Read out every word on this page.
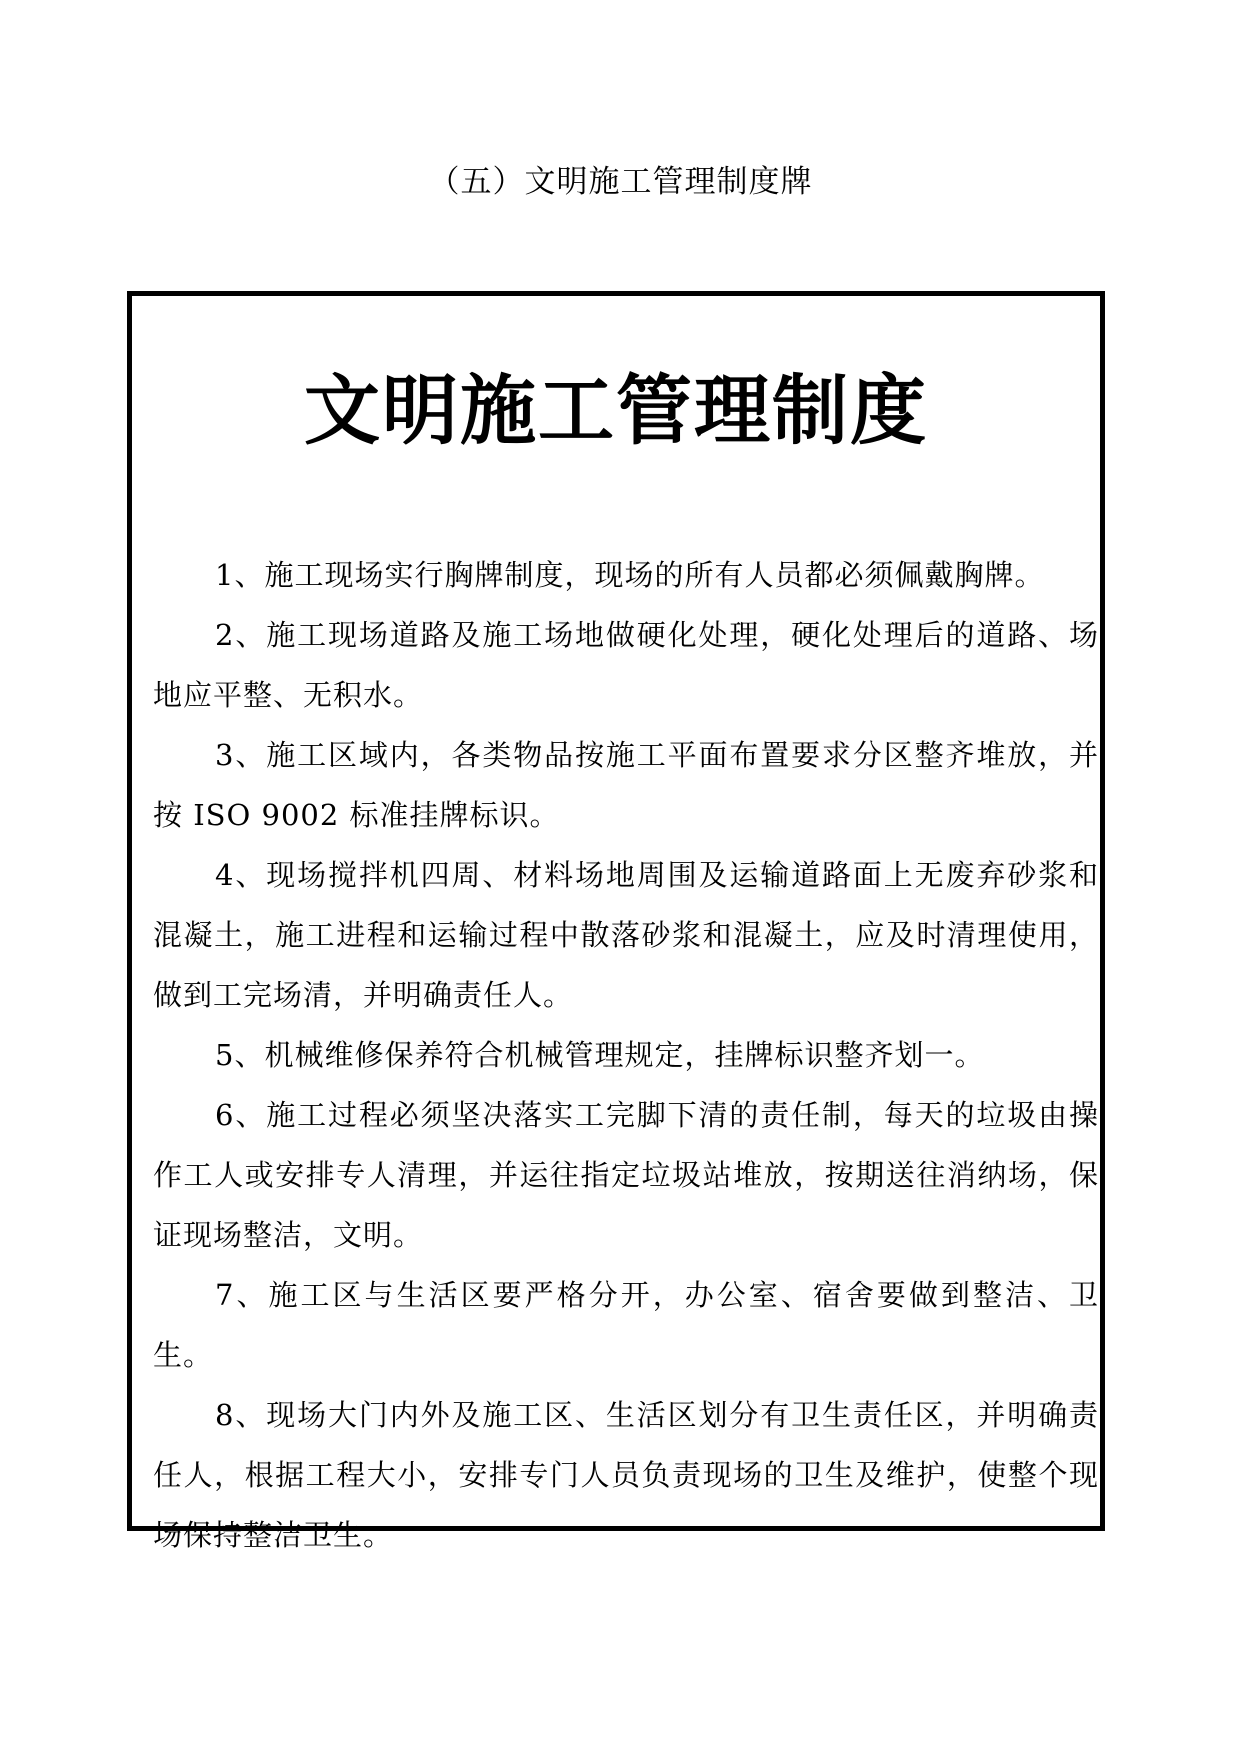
（五）文明施工管理制度牌
文明施工管理制度
1、施工现场实行胸牌制度，现场的所有人员都必须佩戴胸牌。
2、施工现场道路及施工场地做硬化处理，硬化处理后的道路、场地应平整、无积水。
3、施工区域内，各类物品按施工平面布置要求分区整齐堆放，并按 ISO 9002 标准挂牌标识。
4、现场搅拌机四周、材料场地周围及运输道路面上无废弃砂浆和混凝土，施工进程和运输过程中散落砂浆和混凝土，应及时清理使用，做到工完场清，并明确责任人。
5、机械维修保养符合机械管理规定，挂牌标识整齐划一。
6、施工过程必须坚决落实工完脚下清的责任制，每天的垃圾由操作工人或安排专人清理，并运往指定垃圾站堆放，按期送往消纳场，保证现场整洁，文明。
7、施工区与生活区要严格分开，办公室、宿舍要做到整洁、卫生。
8、现场大门内外及施工区、生活区划分有卫生责任区，并明确责任人，根据工程大小，安排专门人员负责现场的卫生及维护，使整个现场保持整洁卫生。
